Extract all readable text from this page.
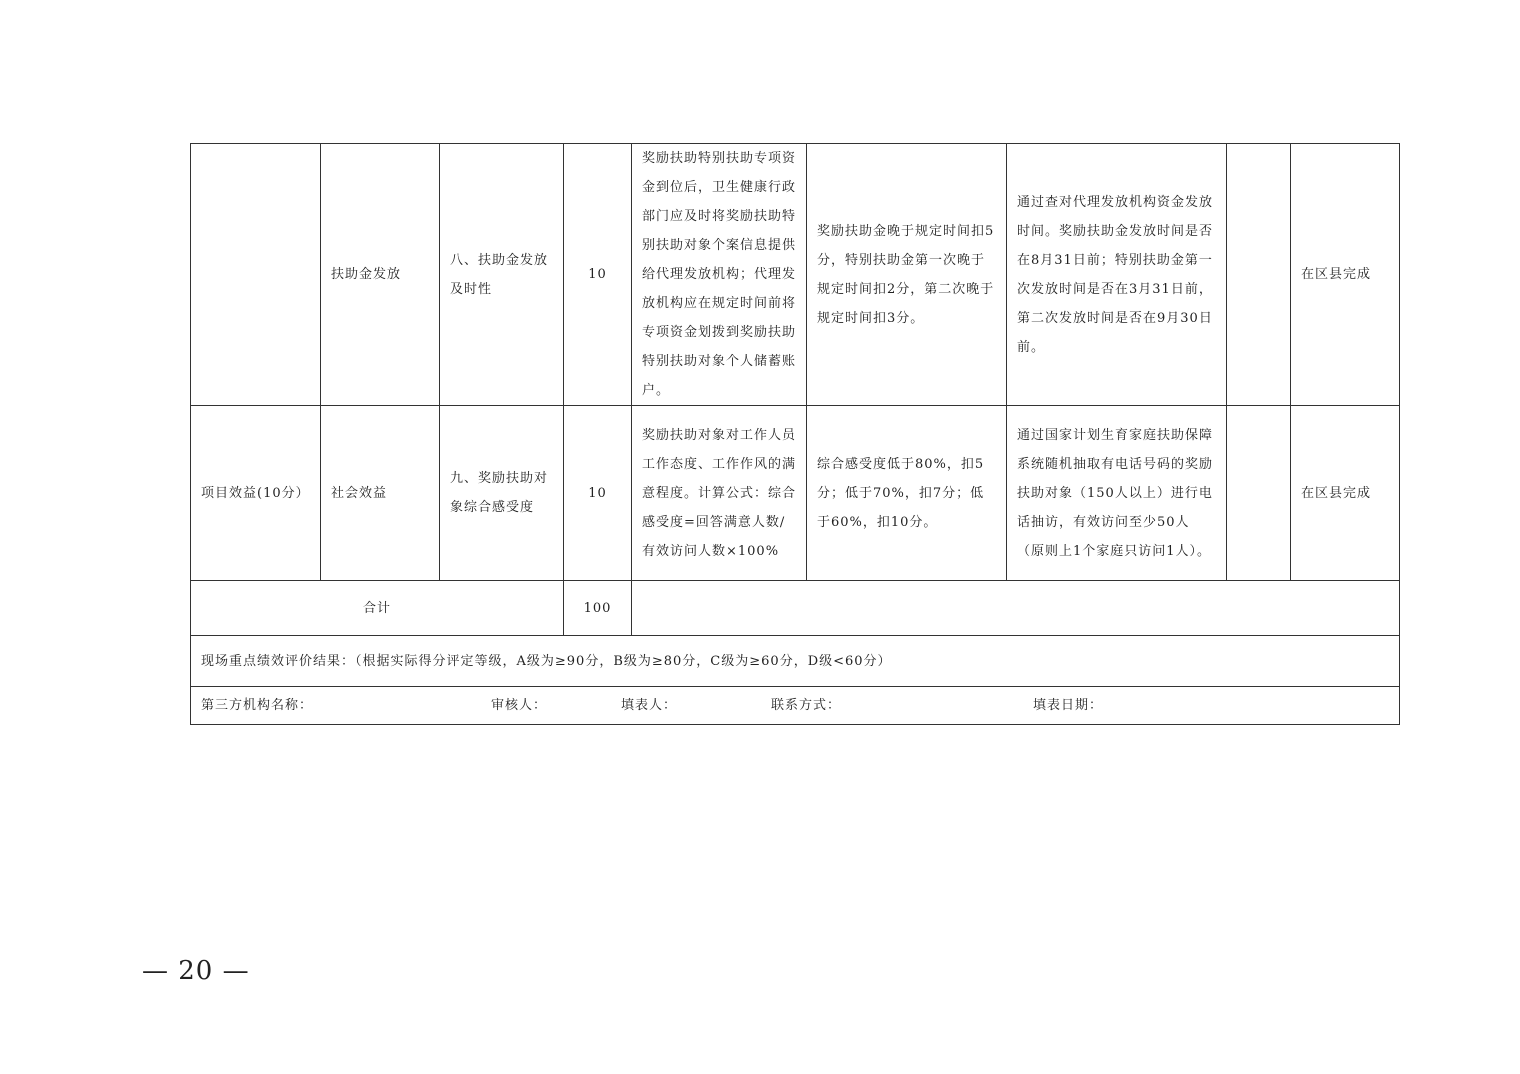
	扶助金发放	八、扶助金发放及时性	10	奖励扶助特别扶助专项资金到位后，卫生健康行政部门应及时将奖励扶助特别扶助对象个案信息提供给代理发放机构；代理发放机构应在规定时间前将专项资金划拨到奖励扶助特别扶助对象个人储蓄账户。	奖励扶助金晚于规定时间扣5分，特别扶助金第一次晚于规定时间扣2分，第二次晚于规定时间扣3分。	通过查对代理发放机构资金发放时间。奖励扶助金发放时间是否在8月31日前；特别扶助金第一次发放时间是否在3月31日前，第二次发放时间是否在9月30日前。		在区县完成
项目效益(10分）	社会效益	九、奖励扶助对象综合感受度	10	奖励扶助对象对工作人员工作态度、工作作风的满意程度。计算公式：综合感受度=回答满意人数/有效访问人数×100%	综合感受度低于80%，扣5分；低于70%，扣7分；低于60%，扣10分。	通过国家计划生育家庭扶助保障系统随机抽取有电话号码的奖励扶助对象（150人以上）进行电话抽访，有效访问至少50人（原则上1个家庭只访问1人）。		在区县完成
合计			100					
现场重点绩效评价结果：（根据实际得分评定等级，A级为≥90分，B级为≥80分，C级为≥60分，D级<60分）								

第三方机构名称： 审核人： 填表人： 联系方式： 填表日期：								
— 20 —
